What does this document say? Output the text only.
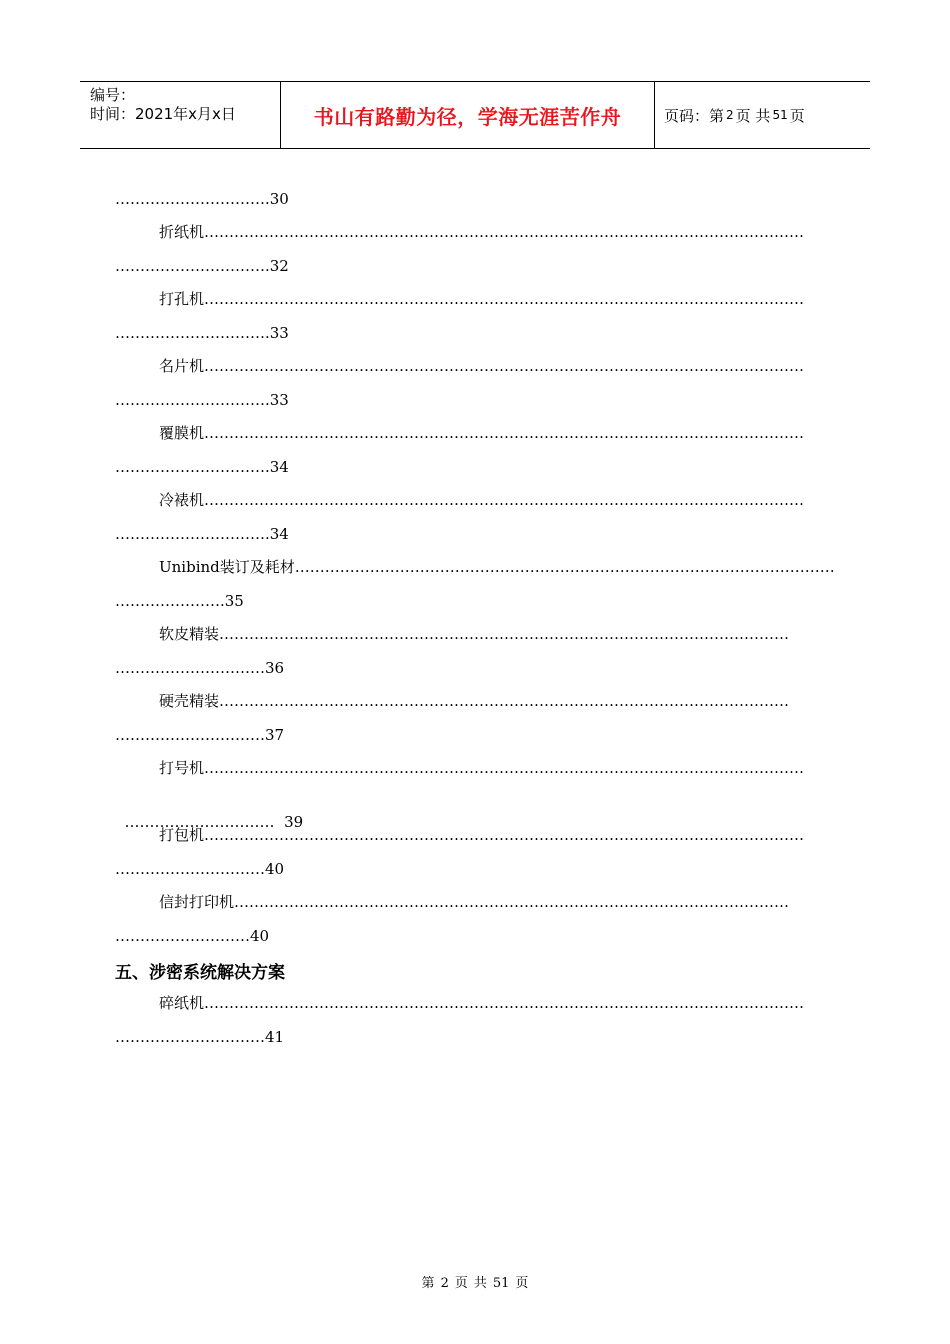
编号：
时间：2021年x月x日	书山有路勤为径，学海无涯苦作舟	页码：第 2 页 共 51 页
………………………….30
折纸机…………………………………………………………………………………………………………
………………………….32
打孔机…………………………………………………………………………………………………………
………………………….33
名片机…………………………………………………………………………………………………………
………………………….33
覆膜机…………………………………………………………………………………………………………
………………………….34
冷裱机…………………………………………………………………………………………………………
………………………….34
Unibind装订及耗材………………………………………………………………………………………………
………………….35
软皮精装……………………………………………………………………………………………………
…………………………36
硬壳精装……………………………………………………………………………………………………
…………………………37
打号机…………………………………………………………………………………………………………

…………………………  39

打包机…………………………………………………………………………………………………………
…………………………40
信封打印机…………………………………………………………………………………………………
………………………40
五、涉密系统解决方案
碎纸机…………………………………………………………………………………………………………
…………………………41
第 2 页 共 51 页
